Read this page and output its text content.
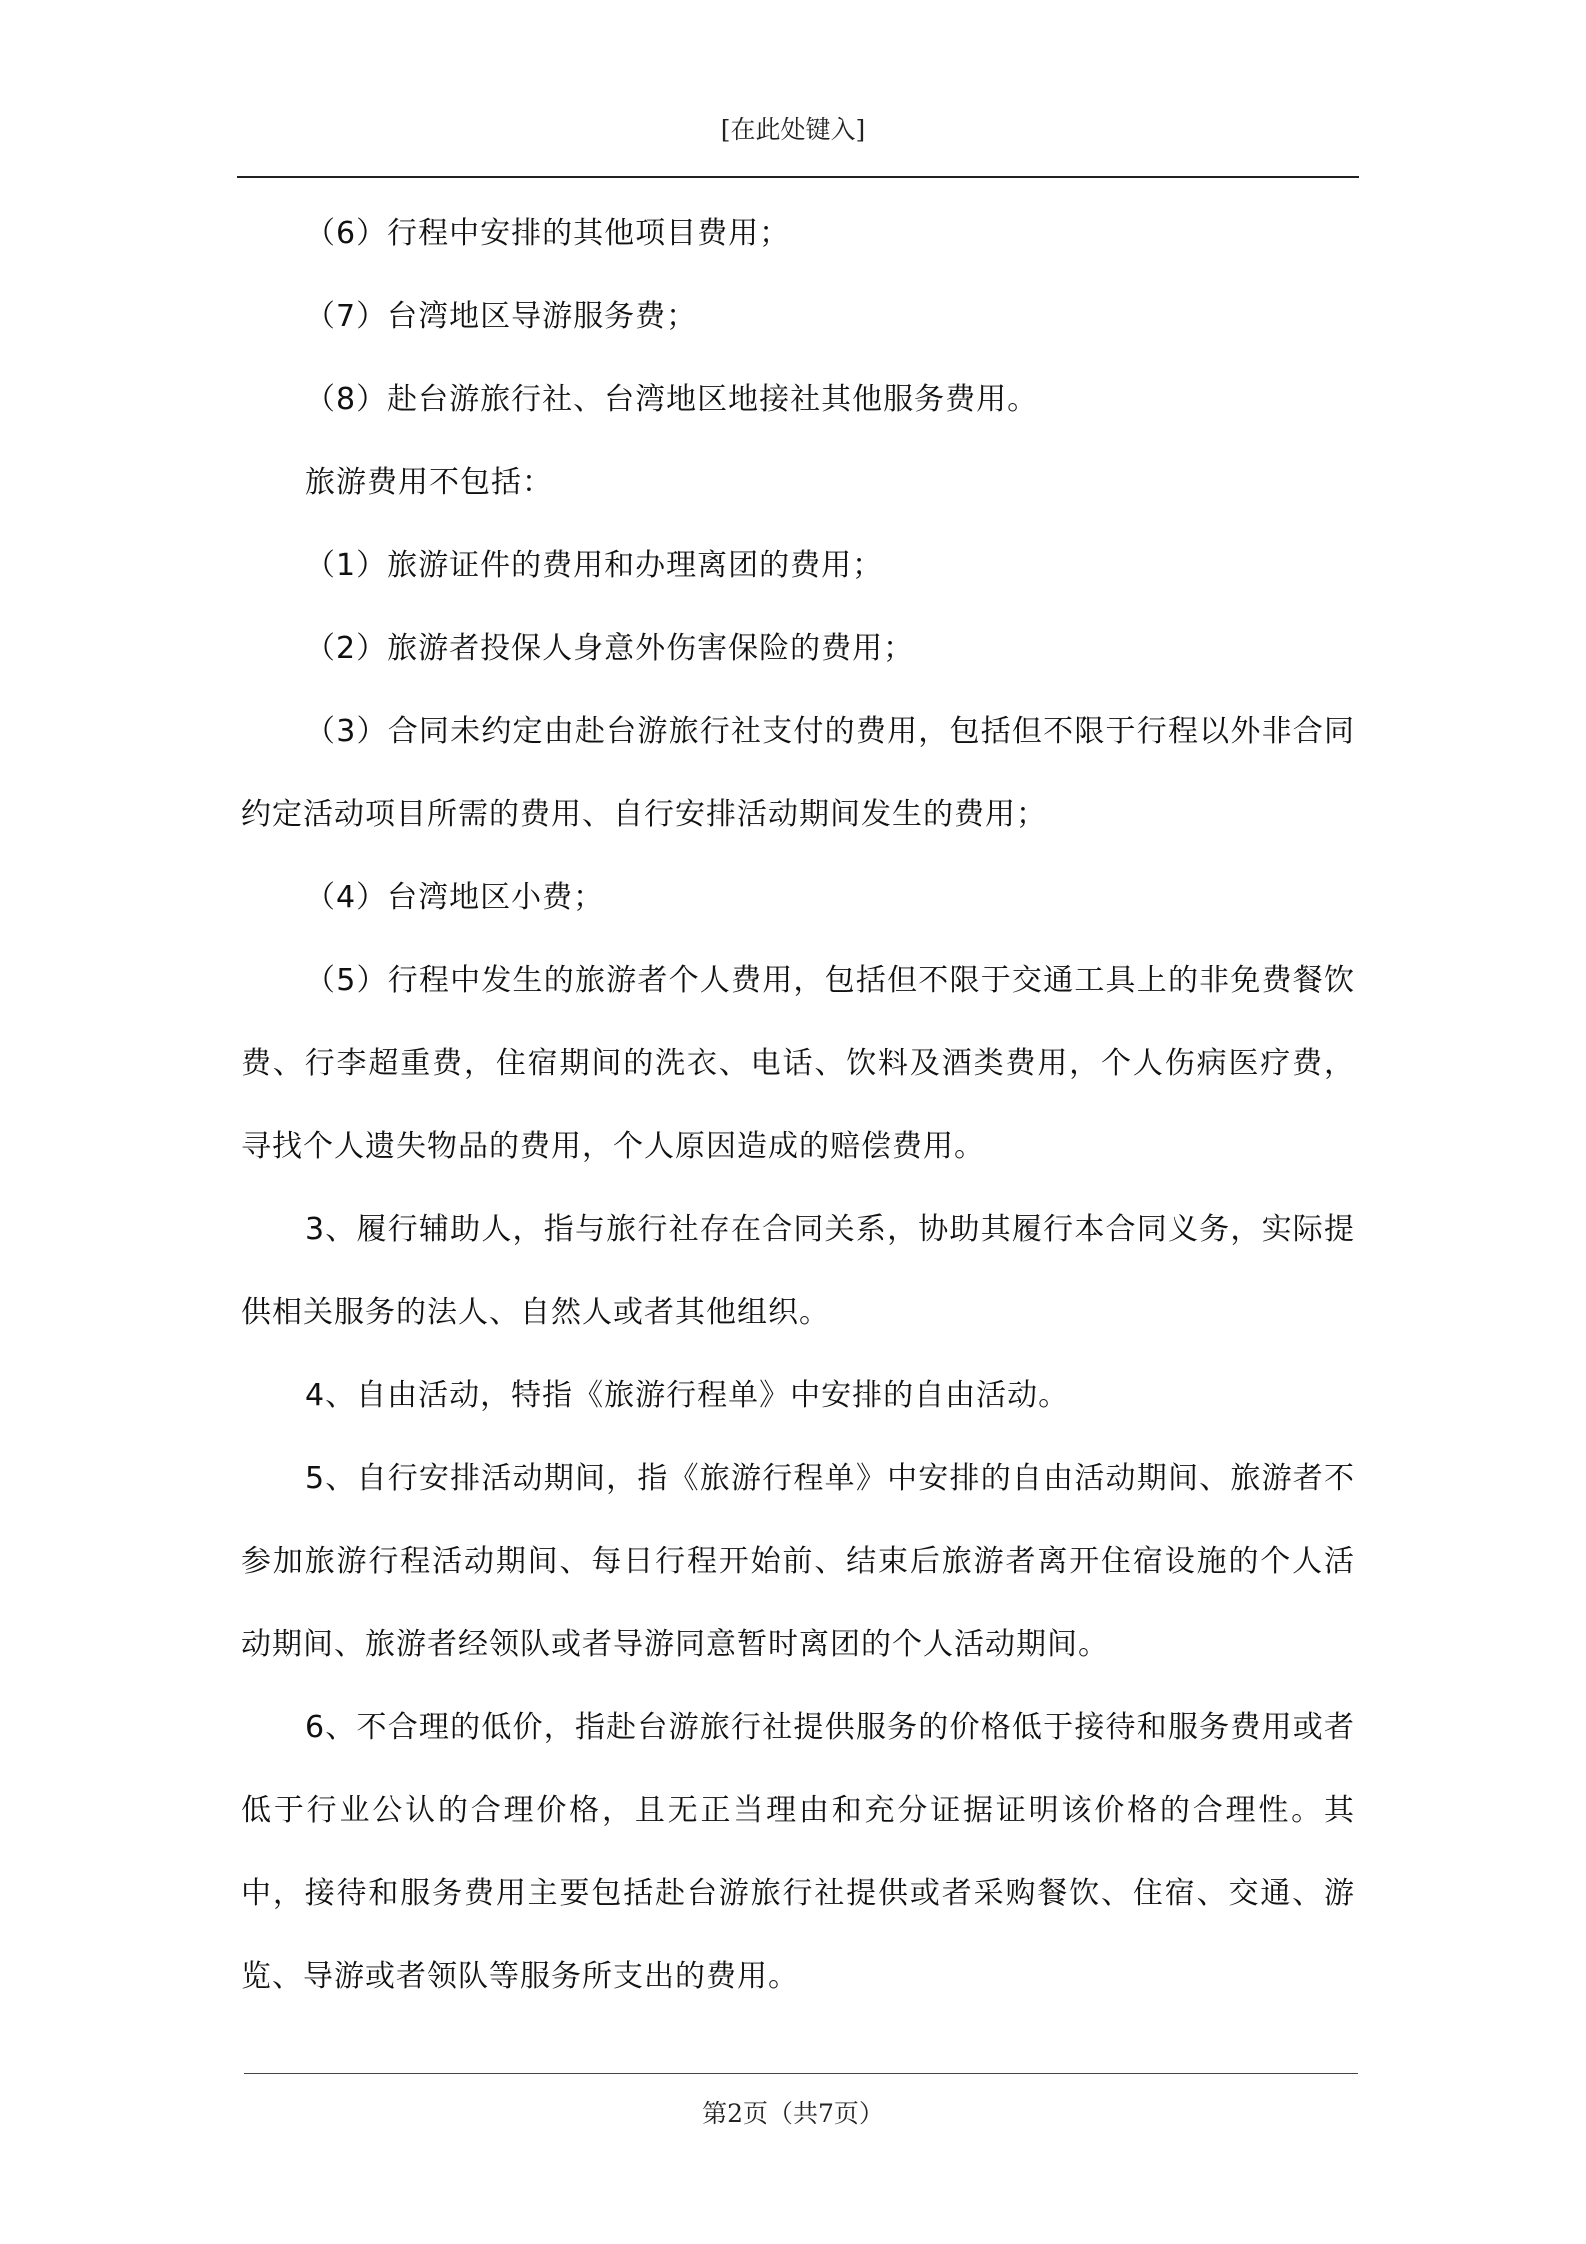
[在此处键入]

（6）行程中安排的其他项目费用；

（7）台湾地区导游服务费；

（8）赴台游旅行社、台湾地区地接社其他服务费用。

旅游费用不包括：

（1）旅游证件的费用和办理离团的费用；

（2）旅游者投保人身意外伤害保险的费用；

（3）合同未约定由赴台游旅行社支付的费用，包括但不限于行程以外非合同约定活动项目所需的费用、自行安排活动期间发生的费用；

（4）台湾地区小费；

（5）行程中发生的旅游者个人费用，包括但不限于交通工具上的非免费餐饮费、行李超重费，住宿期间的洗衣、电话、饮料及酒类费用，个人伤病医疗费，寻找个人遗失物品的费用，个人原因造成的赔偿费用。

3、履行辅助人，指与旅行社存在合同关系，协助其履行本合同义务，实际提供相关服务的法人、自然人或者其他组织。

4、自由活动，特指《旅游行程单》中安排的自由活动。

5、自行安排活动期间，指《旅游行程单》中安排的自由活动期间、旅游者不参加旅游行程活动期间、每日行程开始前、结束后旅游者离开住宿设施的个人活动期间、旅游者经领队或者导游同意暂时离团的个人活动期间。

6、不合理的低价，指赴台游旅行社提供服务的价格低于接待和服务费用或者低于行业公认的合理价格，且无正当理由和充分证据证明该价格的合理性。其中，接待和服务费用主要包括赴台游旅行社提供或者采购餐饮、住宿、交通、游览、导游或者领队等服务所支出的费用。

第2页（共7页）
